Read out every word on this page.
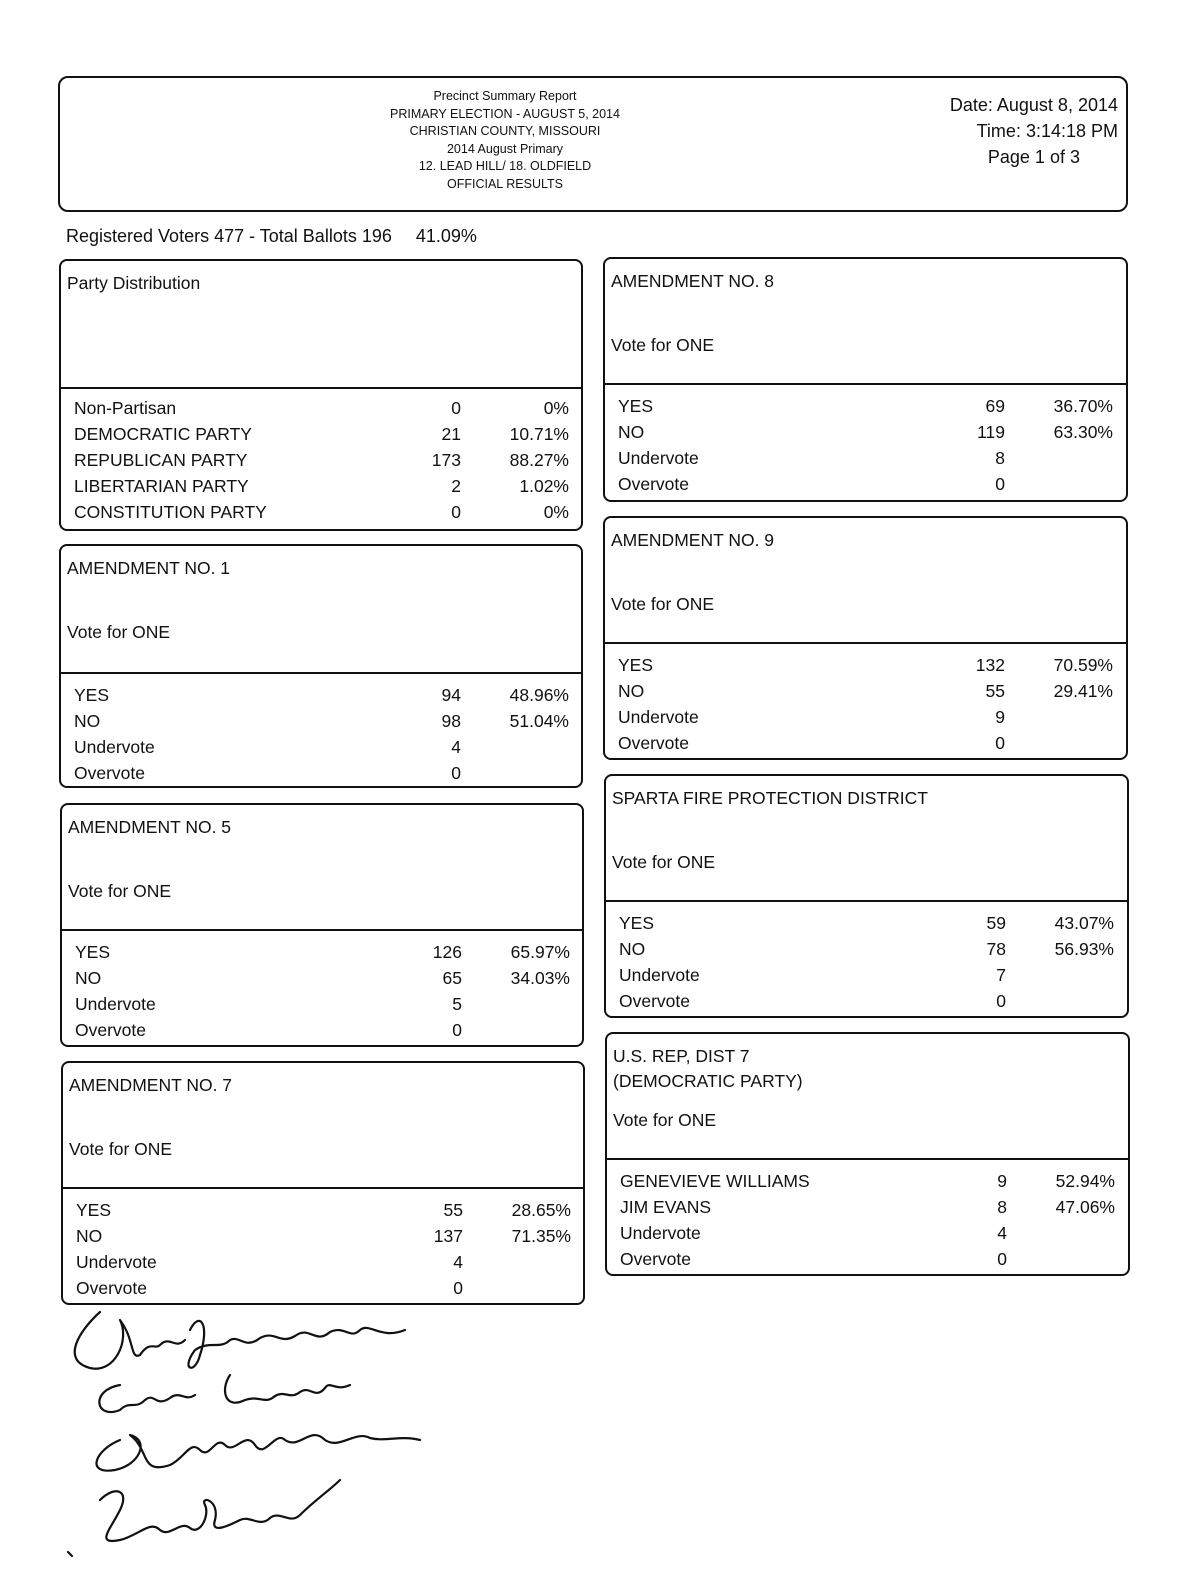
Precinct Summary Report
PRIMARY ELECTION - AUGUST 5, 2014
CHRISTIAN COUNTY, MISSOURI
2014 August Primary
12. LEAD HILL/ 18. OLDFIELD
OFFICIAL RESULTS
Date: August 8, 2014
Time: 3:14:18 PM
Page 1 of 3
Registered Voters 477 - Total Ballots 196 41.09%
Party Distribution
Non-Partisan	0	0%
DEMOCRATIC PARTY	21	10.71%
REPUBLICAN PARTY	173	88.27%
LIBERTARIAN PARTY	2	1.02%
CONSTITUTION PARTY	0	0%
AMENDMENT NO. 1
Vote for ONE
YES	94	48.96%
NO	98	51.04%
Undervote	4
Overvote	0
AMENDMENT NO. 5
Vote for ONE
YES	126	65.97%
NO	65	34.03%
Undervote	5
Overvote	0
AMENDMENT NO. 7
Vote for ONE
YES	55	28.65%
NO	137	71.35%
Undervote	4
Overvote	0
AMENDMENT NO. 8
Vote for ONE
YES	69	36.70%
NO	119	63.30%
Undervote	8
Overvote	0
AMENDMENT NO. 9
Vote for ONE
YES	132	70.59%
NO	55	29.41%
Undervote	9
Overvote	0
SPARTA FIRE PROTECTION DISTRICT
Vote for ONE
YES	59	43.07%
NO	78	56.93%
Undervote	7
Overvote	0
U.S. REP, DIST 7
(DEMOCRATIC PARTY)
Vote for ONE
GENEVIEVE WILLIAMS	9	52.94%
JIM EVANS	8	47.06%
Undervote	4
Overvote	0
